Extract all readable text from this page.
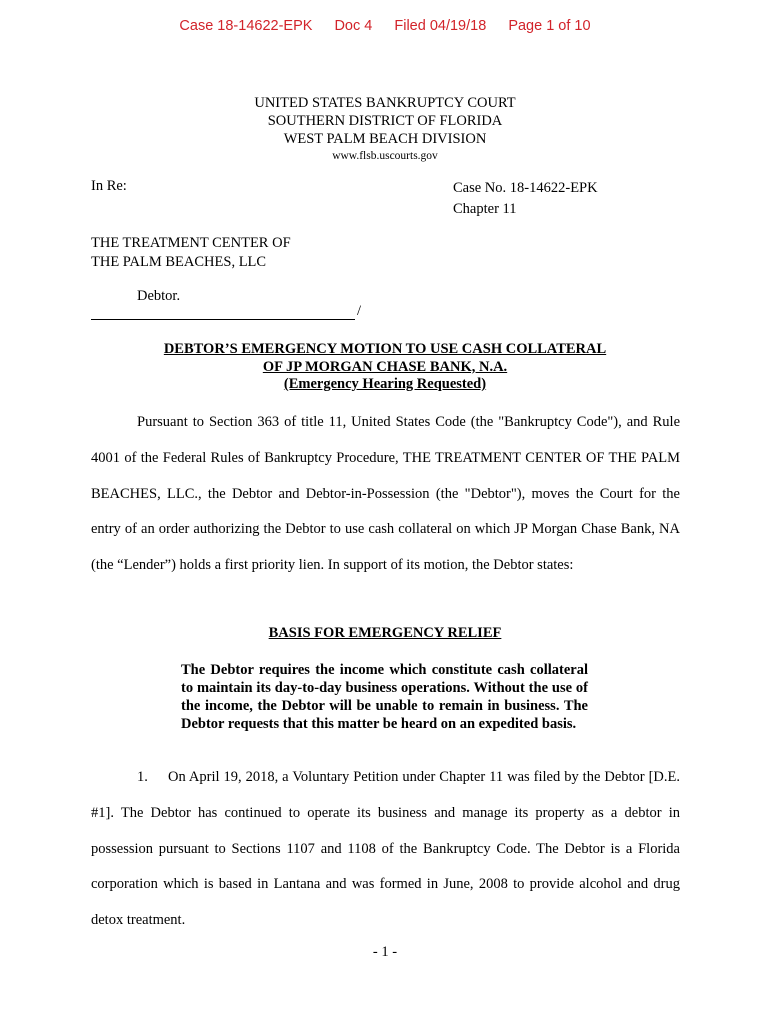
Case 18-14622-EPK Doc 4 Filed 04/19/18 Page 1 of 10
UNITED STATES BANKRUPTCY COURT
SOUTHERN DISTRICT OF FLORIDA
WEST PALM BEACH DIVISION
www.flsb.uscourts.gov
In Re:	Case No. 18-14622-EPK
Chapter 11
THE TREATMENT CENTER OF
THE PALM BEACHES, LLC
Debtor.
/
DEBTOR’S EMERGENCY MOTION TO USE CASH COLLATERAL
OF JP MORGAN CHASE BANK, N.A.
(Emergency Hearing Requested)

Pursuant to Section 363 of title 11, United States Code (the "Bankruptcy Code"), and Rule 4001 of the Federal Rules of Bankruptcy Procedure, THE TREATMENT CENTER OF THE PALM BEACHES, LLC., the Debtor and Debtor-in-Possession (the "Debtor"), moves the Court for the entry of an order authorizing the Debtor to use cash collateral on which JP Morgan Chase Bank, NA (the “Lender”) holds a first priority lien. In support of its motion, the Debtor states:

BASIS FOR EMERGENCY RELIEF

The Debtor requires the income which constitute cash collateral to maintain its day-to-day business operations. Without the use of the income, the Debtor will be unable to remain in business. The Debtor requests that this matter be heard on an expedited basis.

1. On April 19, 2018, a Voluntary Petition under Chapter 11 was filed by the Debtor [D.E. #1]. The Debtor has continued to operate its business and manage its property as a debtor in possession pursuant to Sections 1107 and 1108 of the Bankruptcy Code. The Debtor is a Florida corporation which is based in Lantana and was formed in June, 2008 to provide alcohol and drug detox treatment.

- 1 -
